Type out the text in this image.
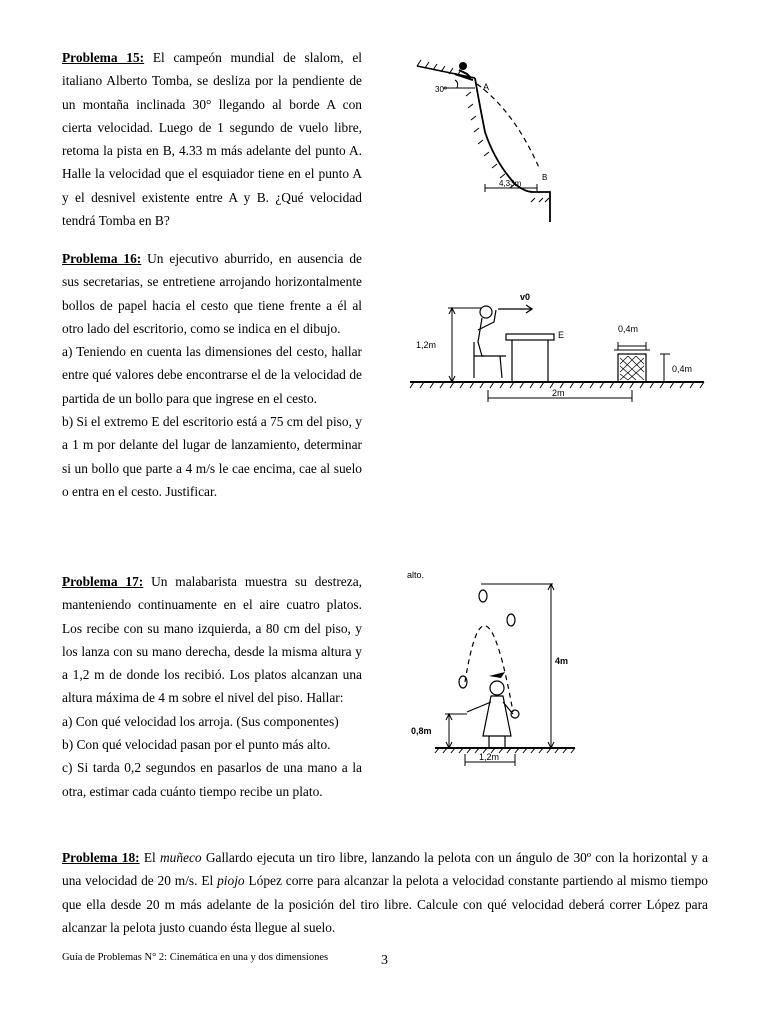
Problema 15: El campeón mundial de slalom, el italiano Alberto Tomba, se desliza por la pendiente de un montaña inclinada 30° llegando al borde A con cierta velocidad. Luego de 1 segundo de vuelo libre, retoma la pista en B, 4.33 m más adelante del punto A. Halle la velocidad que el esquiador tiene en el punto A y el desnivel existente entre A y B. ¿Qué velocidad tendrá Tomba en B?

30º	A
B
4,33m

Problema 16: Un ejecutivo aburrido, en ausencia de sus secretarias, se entretiene arrojando horizontalmente bollos de papel hacia el cesto que tiene frente a él al otro lado del escritorio, como se indica en el dibujo.

a) Teniendo en cuenta las dimensiones del cesto, hallar entre qué valores debe encontrarse el de la velocidad de partida de un bollo para que ingrese en el cesto.

b) Si el extremo E del escritorio está a 75 cm del piso, y a 1 m por delante del lugar de lanzamiento, determinar si un bollo que parte a 4 m/s le cae encima, cae al suelo o entra en el cesto. Justificar.

1,2m
E
v0
0,4m
0,4m
2m

Problema 17: Un malabarista muestra su destreza, manteniendo continuamente en el aire cuatro platos. Los recibe con su mano izquierda, a 80 cm del piso, y los lanza con su mano derecha, desde la misma altura y a 1,2 m de donde los recibió. Los platos alcanzan una altura máxima de 4 m sobre el nivel del piso. Hallar:

a) Con qué velocidad los arroja. (Sus componentes)

b) Con qué velocidad pasan por el punto más alto.

c) Si tarda 0,2 segundos en pasarlos de una mano a la otra, estimar cada cuánto tiempo recibe un plato.

alto.
4m
0,8m
1,2m

Problema 18: El muñeco Gallardo ejecuta un tiro libre, lanzando la pelota con un ángulo de 30º con la horizontal y a una velocidad de 20 m/s. El piojo López corre para alcanzar la pelota a velocidad constante partiendo al mismo tiempo que ella desde 20 m más adelante de la posición del tiro libre. Calcule con qué velocidad deberá correr López para alcanzar la pelota justo cuando ésta llegue al suelo.

Guía de Problemas N° 2: Cinemática en una y dos dimensiones	3
